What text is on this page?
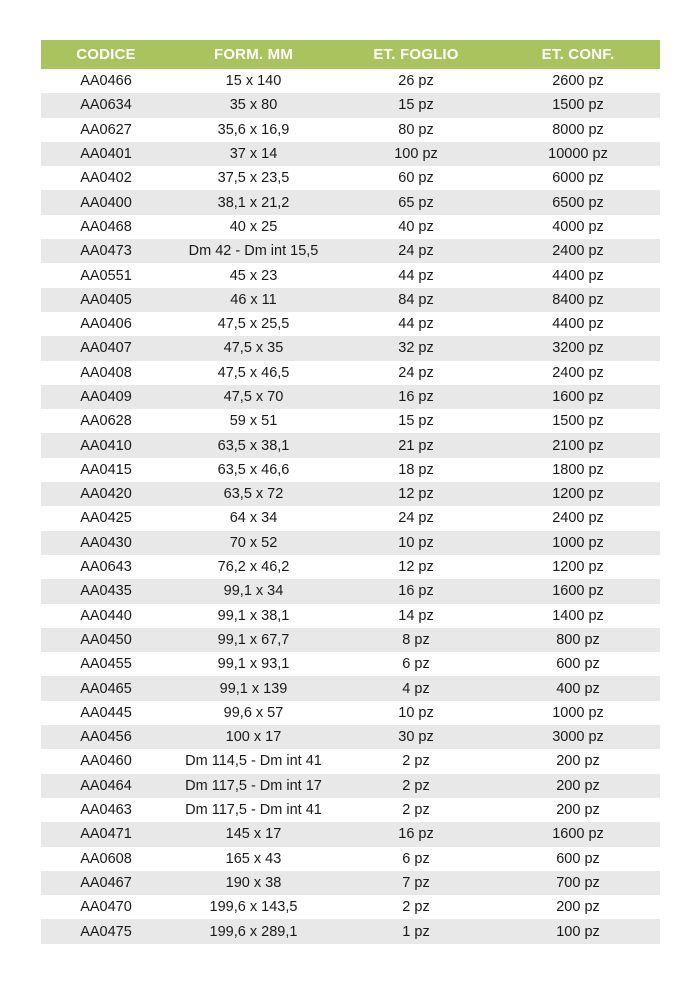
CODICE	FORM. MM	ET. FOGLIO	ET. CONF.
AA0466	15 x 140	26 pz	2600 pz
AA0634	35 x 80	15 pz	1500 pz
AA0627	35,6 x 16,9	80 pz	8000 pz
AA0401	37 x 14	100 pz	10000 pz
AA0402	37,5 x 23,5	60 pz	6000 pz
AA0400	38,1 x 21,2	65 pz	6500 pz
AA0468	40 x 25	40 pz	4000 pz
AA0473	Dm 42 - Dm int 15,5	24 pz	2400 pz
AA0551	45 x 23	44 pz	4400 pz
AA0405	46 x 11	84 pz	8400 pz
AA0406	47,5 x 25,5	44 pz	4400 pz
AA0407	47,5 x 35	32 pz	3200 pz
AA0408	47,5 x 46,5	24 pz	2400 pz
AA0409	47,5 x 70	16 pz	1600 pz
AA0628	59 x 51	15 pz	1500 pz
AA0410	63,5 x 38,1	21 pz	2100 pz
AA0415	63,5 x 46,6	18 pz	1800 pz
AA0420	63,5 x 72	12 pz	1200 pz
AA0425	64 x 34	24 pz	2400 pz
AA0430	70 x 52	10 pz	1000 pz
AA0643	76,2 x 46,2	12 pz	1200 pz
AA0435	99,1 x 34	16 pz	1600 pz
AA0440	99,1 x 38,1	14 pz	1400 pz
AA0450	99,1 x 67,7	8 pz	800 pz
AA0455	99,1 x 93,1	6 pz	600 pz
AA0465	99,1 x 139	4 pz	400 pz
AA0445	99,6 x 57	10 pz	1000 pz
AA0456	100 x 17	30 pz	3000 pz
AA0460	Dm 114,5 - Dm int 41	2 pz	200 pz
AA0464	Dm 117,5 - Dm int 17	2 pz	200 pz
AA0463	Dm 117,5 - Dm int 41	2 pz	200 pz
AA0471	145 x 17	16 pz	1600 pz
AA0608	165 x 43	6 pz	600 pz
AA0467	190 x 38	7 pz	700 pz
AA0470	199,6 x 143,5	2 pz	200 pz
AA0475	199,6 x 289,1	1 pz	100 pz
